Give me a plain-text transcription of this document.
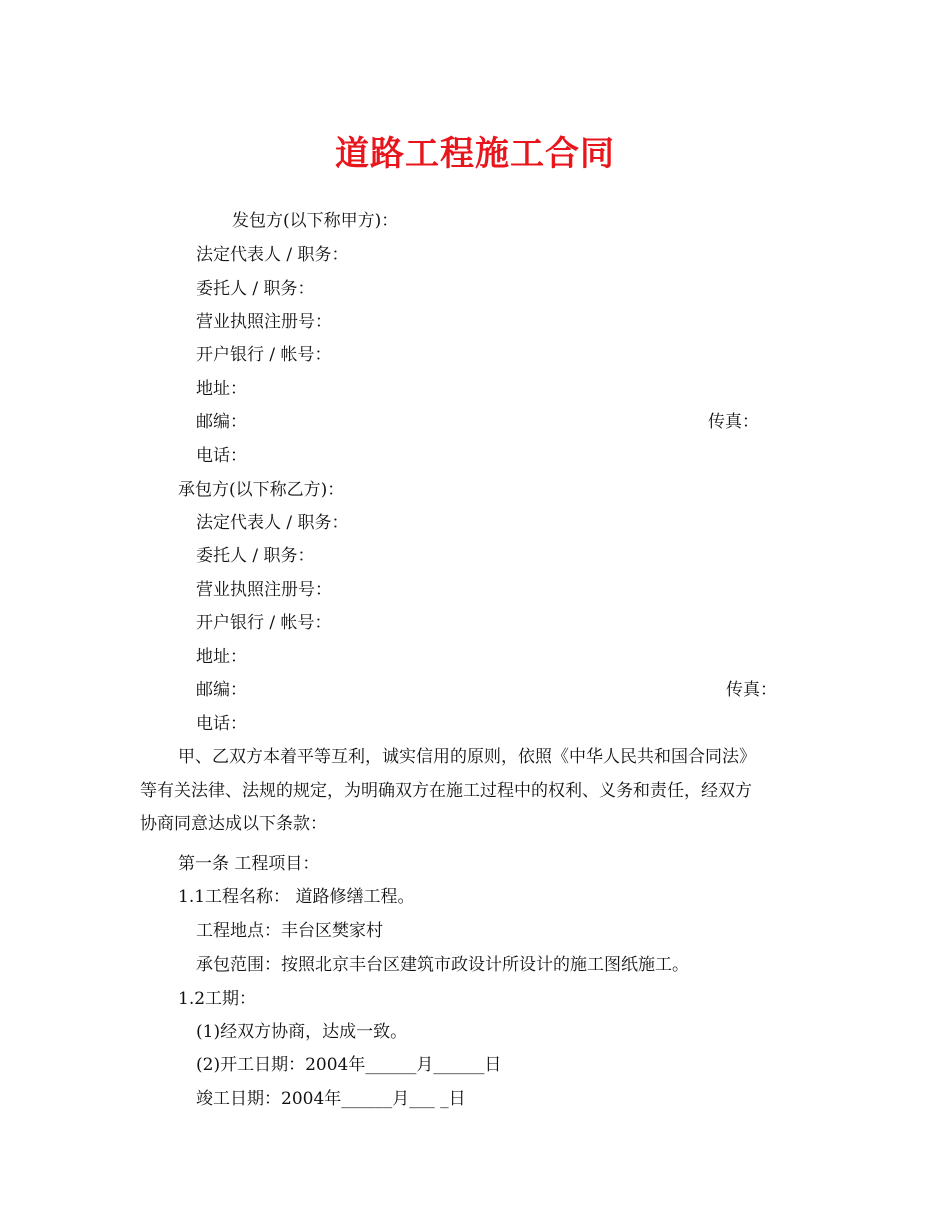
道路工程施工合同
发包方(以下称甲方)：
法定代表人 / 职务：
委托人 / 职务：
营业执照注册号：
开户银行 / 帐号：
地址：
邮编：	传真：
电话：
承包方(以下称乙方)：
法定代表人 / 职务：
委托人 / 职务：
营业执照注册号：
开户银行 / 帐号：
地址：
邮编：	传真：
电话：
甲、乙双方本着平等互利，诚实信用的原则，依照《中华人民共和国合同法》
等有关法律、法规的规定，为明确双方在施工过程中的权利、义务和责任，经双方
协商同意达成以下条款：
第一条 工程项目：
1.1工程名称： 道路修缮工程。
工程地点：丰台区樊家村
承包范围：按照北京丰台区建筑市政设计所设计的施工图纸施工。
1.2工期：
(1)经双方协商，达成一致。
(2)开工日期：2004年______月______日
竣工日期：2004年______月___ _日
